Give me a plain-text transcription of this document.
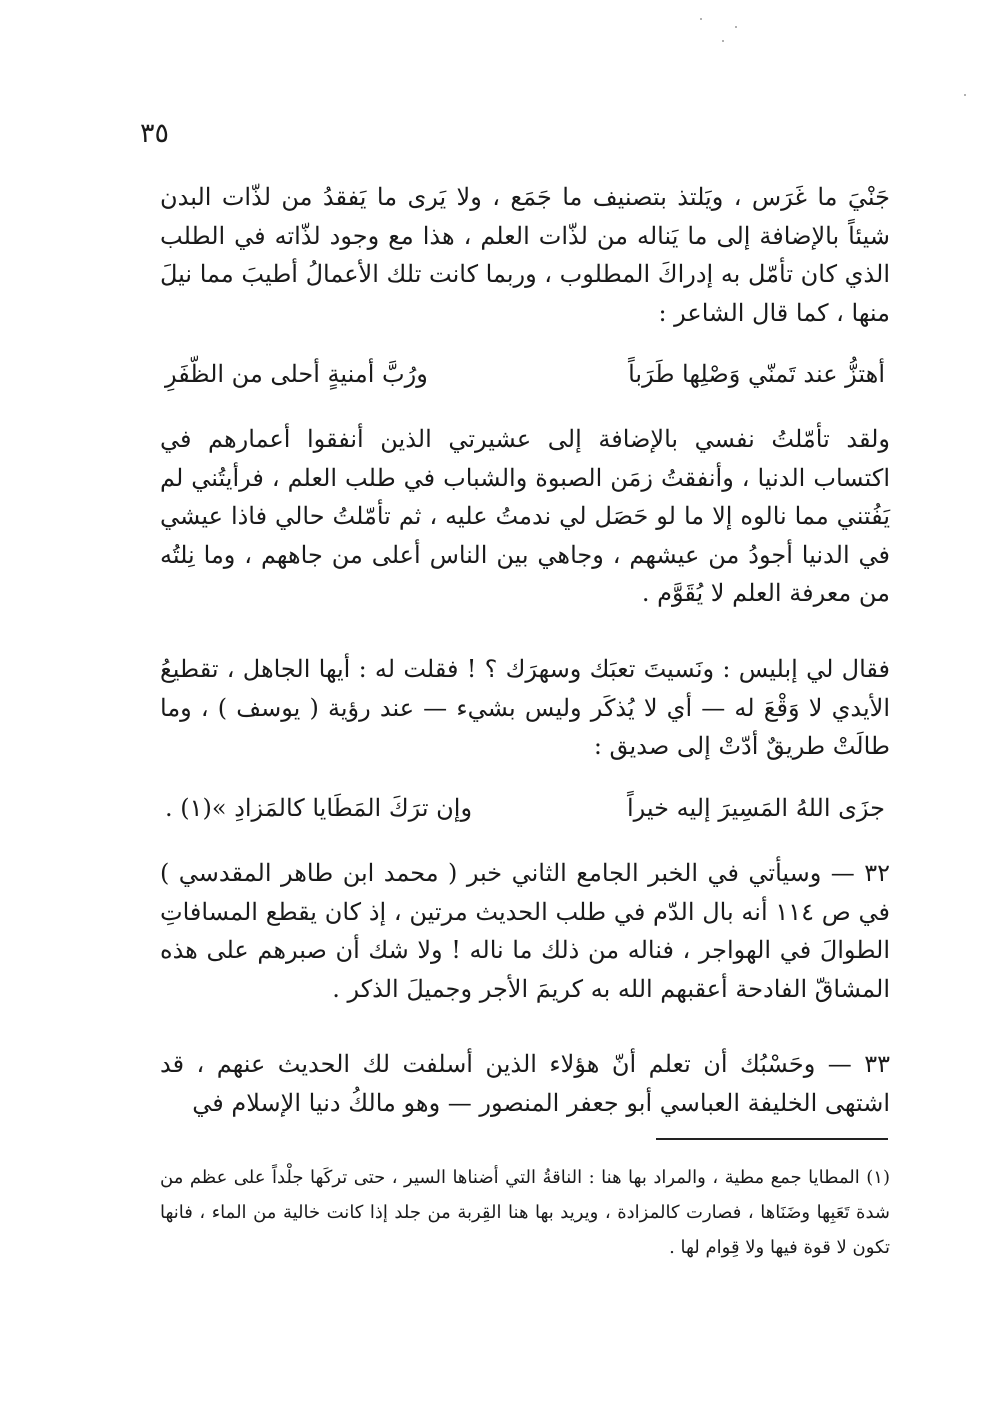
٣٥

جَنْيَ ما غَرَس ، ويَلتذ بتصنيف ما جَمَع ، ولا يَرى ما يَفقدُ من لذّات البدن شيئاً بالإضافة إلى ما يَناله من لذّات العلم ، هذا مع وجود لذّاته في الطلب الذي كان تأمّل به إدراكَ المطلوب ، وربما كانت تلك الأعمالُ أطيبَ مما نيلَ منها ، كما قال الشاعر :

أهتزُّ عند تَمنّي وَصْلِها طَرَباً
ورُبَّ أمنيةٍ أحلى من الظّفَرِ

ولقد تأمّلتُ نفسي بالإضافة إلى عشيرتي الذين أنفقوا أعمارهم في اكتساب الدنيا ، وأنفقتُ زمَن الصبوة والشباب في طلب العلم ، فرأيتُني لم يَفُتني مما نالوه إلا ما لو حَصَل لي ندمتُ عليه ، ثم تأمّلتُ حالي فاذا عيشي في الدنيا أجودُ من عيشهم ، وجاهي بين الناس أعلى من جاههم ، وما نِلتُه من معرفة العلم لا يُقَوَّم .

فقال لي إبليس : ونَسيتَ تعبَك وسهرَك ؟ ! فقلت له : أيها الجاهل ، تقطيعُ الأيدي لا وَقْعَ له — أي لا يُذكَر وليس بشيء — عند رؤية ( يوسف ) ، وما طالَتْ طريقٌ أدّتْ إلى صديق :

جزَى اللهُ المَسِيرَ إليه خيراً
وإن ترَكَ المَطَايا كالمَزادِ »(١) .

٣٢ — وسيأتي في الخبر الجامع الثاني خبر ( محمد ابن طاهر المقدسي ) في ص ١١٤ أنه بال الدّم في طلب الحديث مرتين ، إذ كان يقطع المسافاتِ الطوالَ في الهواجر ، فناله من ذلك ما ناله ! ولا شك أن صبرهم على هذه المشاقّ الفادحة أعقبهم الله به كريمَ الأجر وجميلَ الذكر .

٣٣ — وحَسْبُك أن تعلم أنّ هؤلاء الذين أسلفت لك الحديث عنهم ، قد اشتهى الخليفة العباسي أبو جعفر المنصور — وهو مالكُ دنيا الإسلام في

(١) المطايا جمع مطية ، والمراد بها هنا : الناقةُ التي أضناها السير ، حتى تركَها جلْداً على عظم من شدة تَعَبِها وضَنَاها ، فصارت كالمزادة ، ويريد بها هنا القِربة من جلد إذا كانت خالية من الماء ، فانها تكون لا قوة فيها ولا قِوام لها .
